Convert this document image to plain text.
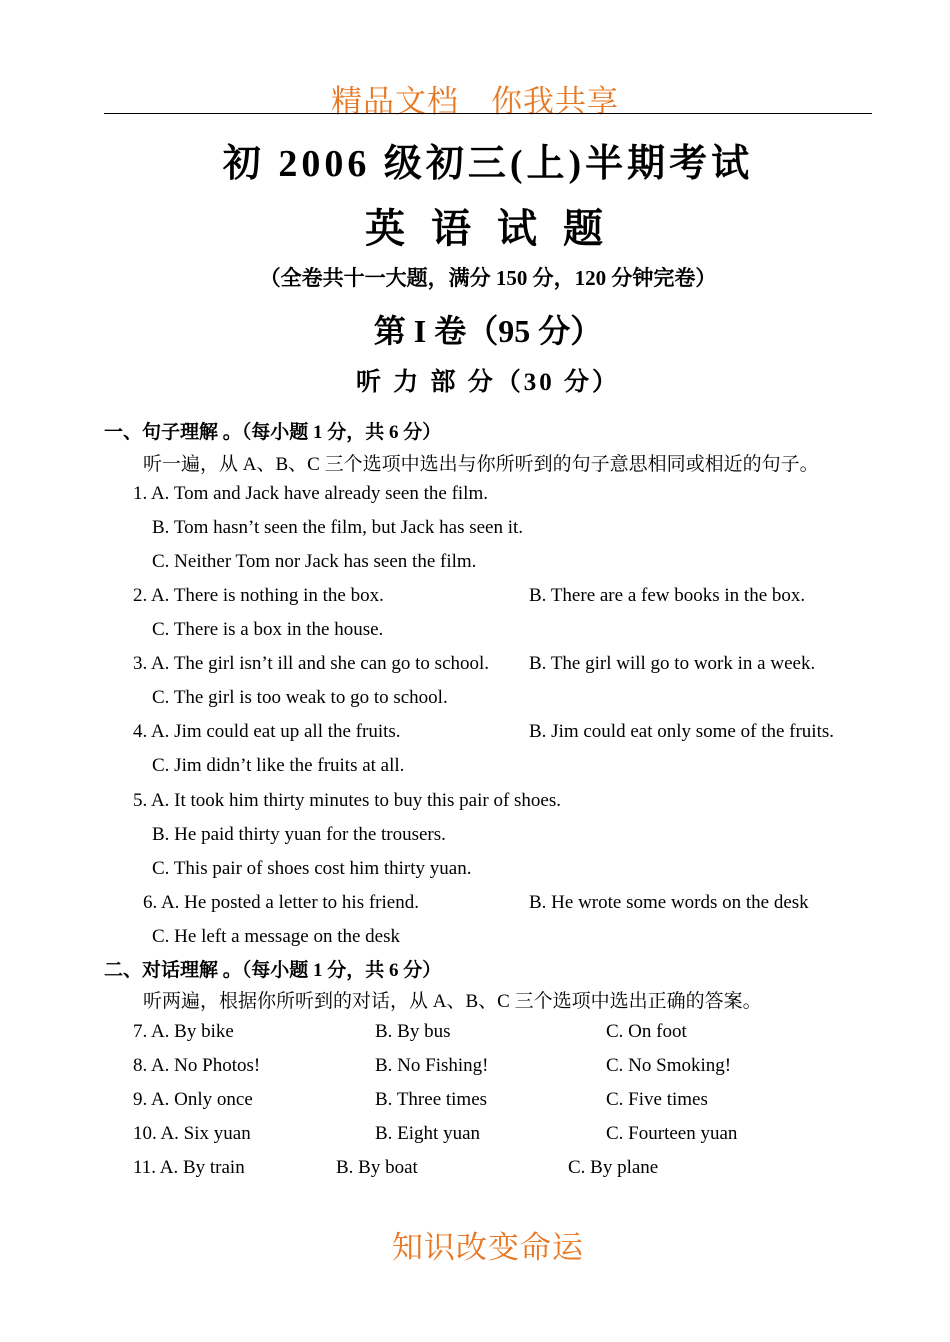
精品文档　你我共享
初 2006 级初三(上)半期考试
英 语 试 题
（全卷共十一大题，满分 150 分，120 分钟完卷）
第 I 卷（95 分）
听 力 部 分（30 分）
一、句子理解 。（每小题 1 分，共 6 分）
听一遍，从 A、B、C 三个选项中选出与你所听到的句子意思相同或相近的句子。
1. A. Tom and Jack have already seen the film.
B. Tom hasn’t seen the film, but Jack has seen it.
C. Neither Tom nor Jack has seen the film.
2. A. There is nothing in the box.	B. There are a few books in the box.
C. There is a box in the house.
3. A. The girl isn’t ill and she can go to school. B. The girl will go to work in a week.
C. The girl is too weak to go to school.
4. A. Jim could eat up all the fruits.	B. Jim could eat only some of the fruits.
C. Jim didn’t like the fruits at all.
5. A. It took him thirty minutes to buy this pair of shoes.
B. He paid thirty yuan for the trousers.
C. This pair of shoes cost him thirty yuan.
6. A. He posted a letter to his friend.	B. He wrote some words on the desk
C. He left a message on the desk
二、对话理解 。（每小题 1 分，共 6 分）
听两遍，根据你所听到的对话，从 A、B、C 三个选项中选出正确的答案。
7. A. By bike	B. By bus	C. On foot
8. A. No Photos!	B. No Fishing!	C. No Smoking!
9. A. Only once	B. Three times	C. Five times
10. A. Six yuan	B. Eight yuan	C. Fourteen yuan
11. A. By train	B. By boat	C. By plane
知识改变命运
